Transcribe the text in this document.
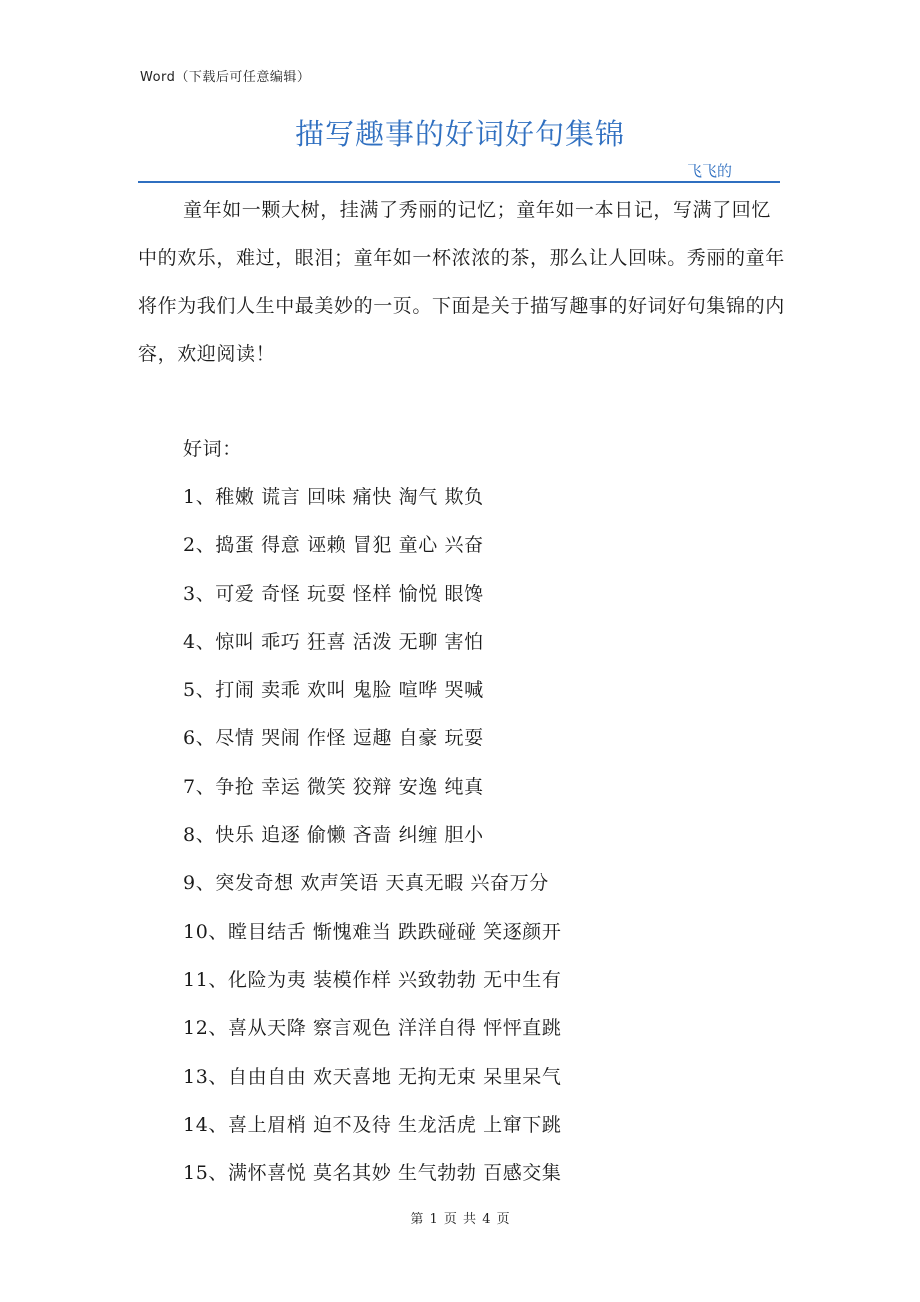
Word（下载后可任意编辑）
描写趣事的好词好句集锦
飞飞的

童年如一颗大树，挂满了秀丽的记忆；童年如一本日记，写满了回忆中的欢乐，难过，眼泪；童年如一杯浓浓的茶，那么让人回味。秀丽的童年将作为我们人生中最美妙的一页。下面是关于描写趣事的好词好句集锦的内容，欢迎阅读！

好词：
1、稚嫩 谎言 回味 痛快 淘气 欺负
2、捣蛋 得意 诬赖 冒犯 童心 兴奋
3、可爱 奇怪 玩耍 怪样 愉悦 眼馋
4、惊叫 乖巧 狂喜 活泼 无聊 害怕
5、打闹 卖乖 欢叫 鬼脸 喧哗 哭喊
6、尽情 哭闹 作怪 逗趣 自豪 玩耍
7、争抢 幸运 微笑 狡辩 安逸 纯真
8、快乐 追逐 偷懒 吝啬 纠缠 胆小
9、突发奇想 欢声笑语 天真无暇 兴奋万分
10、瞠目结舌 惭愧难当 跌跌碰碰 笑逐颜开
11、化险为夷 装模作样 兴致勃勃 无中生有
12、喜从天降 察言观色 洋洋自得 怦怦直跳
13、自由自由 欢天喜地 无拘无束 呆里呆气
14、喜上眉梢 迫不及待 生龙活虎 上窜下跳
15、满怀喜悦 莫名其妙 生气勃勃 百感交集
第 1 页 共 4 页
